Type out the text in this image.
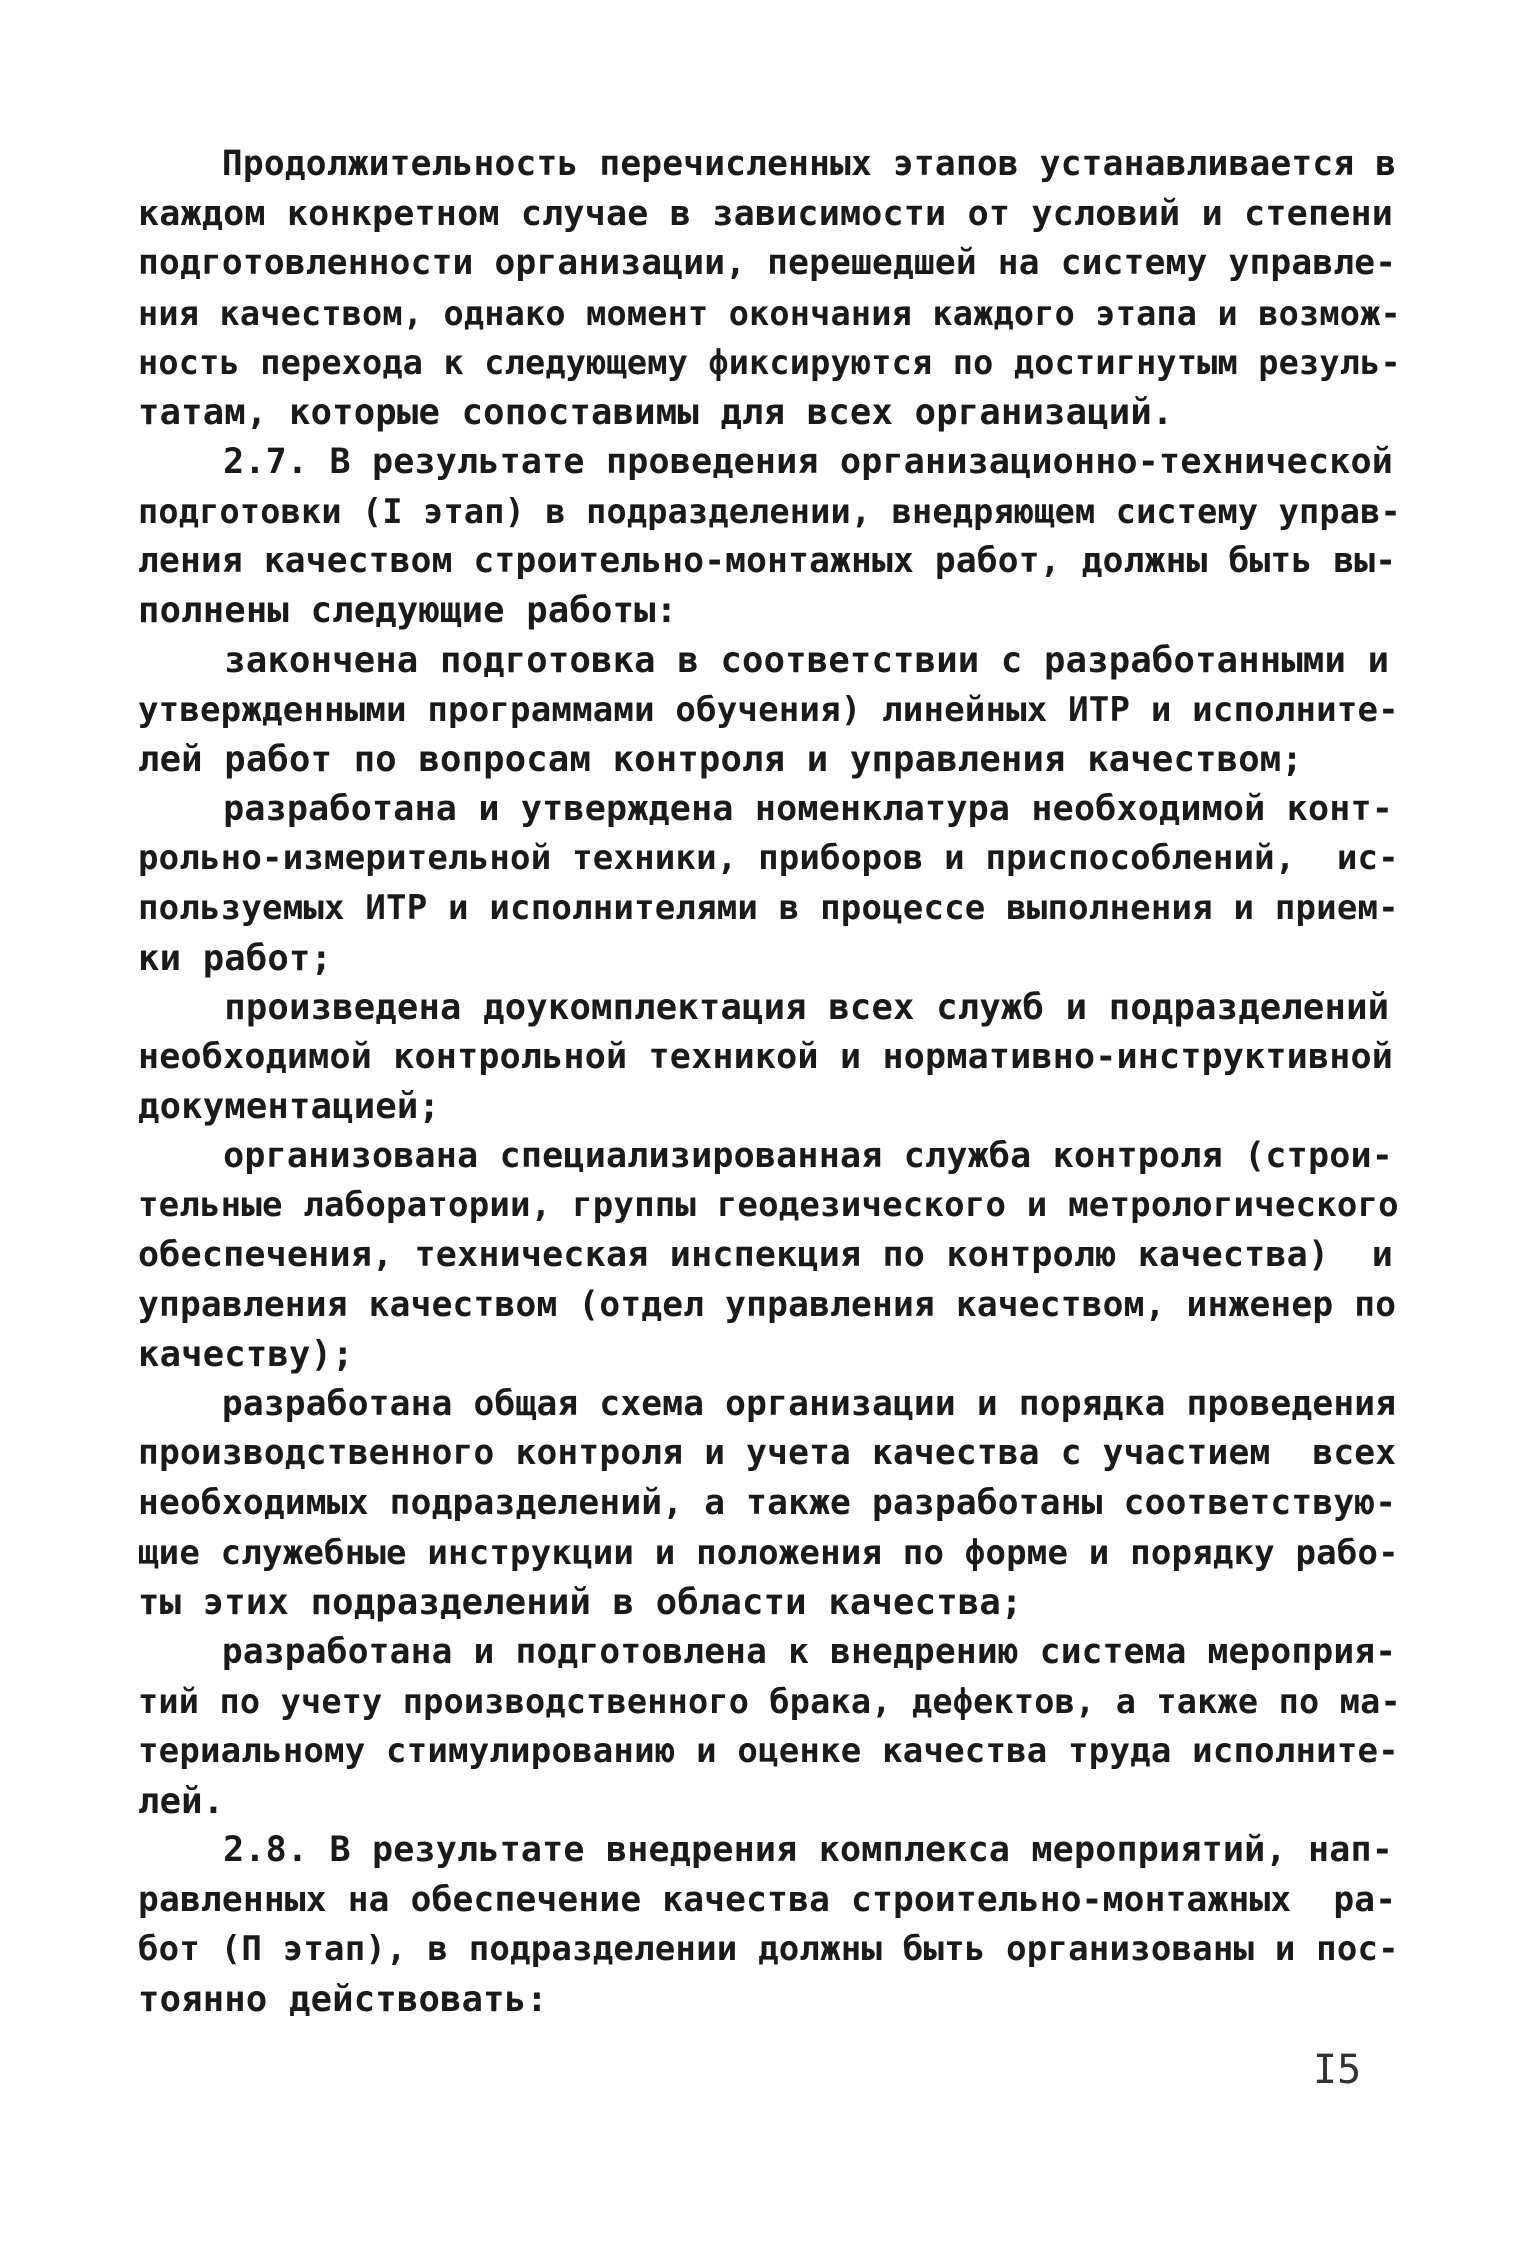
Продолжительность перечисленных этапов устанавливается в
каждом конкретном случае в зависимости от условий и степени
подготовленности организации, перешедшей на систему управле-
ния качеством, однако момент окончания каждого этапа и возмож-
ность перехода к следующему фиксируются по достигнутым резуль-
татам, которые сопоставимы для всех организаций.
2.7. В результате проведения организационно-технической
подготовки (I этап) в подразделении, внедряющем систему управ-
ления качеством строительно-монтажных работ, должны быть вы-
полнены следующие работы:
закончена подготовка в соответствии с разработанными и
утвержденными программами обучения) линейных ИТР и исполните-
лей работ по вопросам контроля и управления качеством;
разработана и утверждена номенклатура необходимой конт-
рольно-измерительной техники, приборов и приспособлений,  ис-
пользуемых ИТР и исполнителями в процессе выполнения и прием-
ки работ;
произведена доукомплектация всех служб и подразделений
необходимой контрольной техникой и нормативно-инструктивной
документацией;
организована специализированная служба контроля (строи-
тельные лаборатории, группы геодезического и метрологического
обеспечения, техническая инспекция по контролю качества)  и
управления качеством (отдел управления качеством, инженер по
качеству);
разработана общая схема организации и порядка проведения
производственного контроля и учета качества с участием  всех
необходимых подразделений, а также разработаны соответствую-
щие служебные инструкции и положения по форме и порядку рабо-
ты этих подразделений в области качества;
разработана и подготовлена к внедрению система мероприя-
тий по учету производственного брака, дефектов, а также по ма-
териальному стимулированию и оценке качества труда исполните-
лей.
2.8. В результате внедрения комплекса мероприятий, нап-
равленных на обеспечение качества строительно-монтажных  ра-
бот (П этап), в подразделении должны быть организованы и пос-
тоянно действовать:
I5
